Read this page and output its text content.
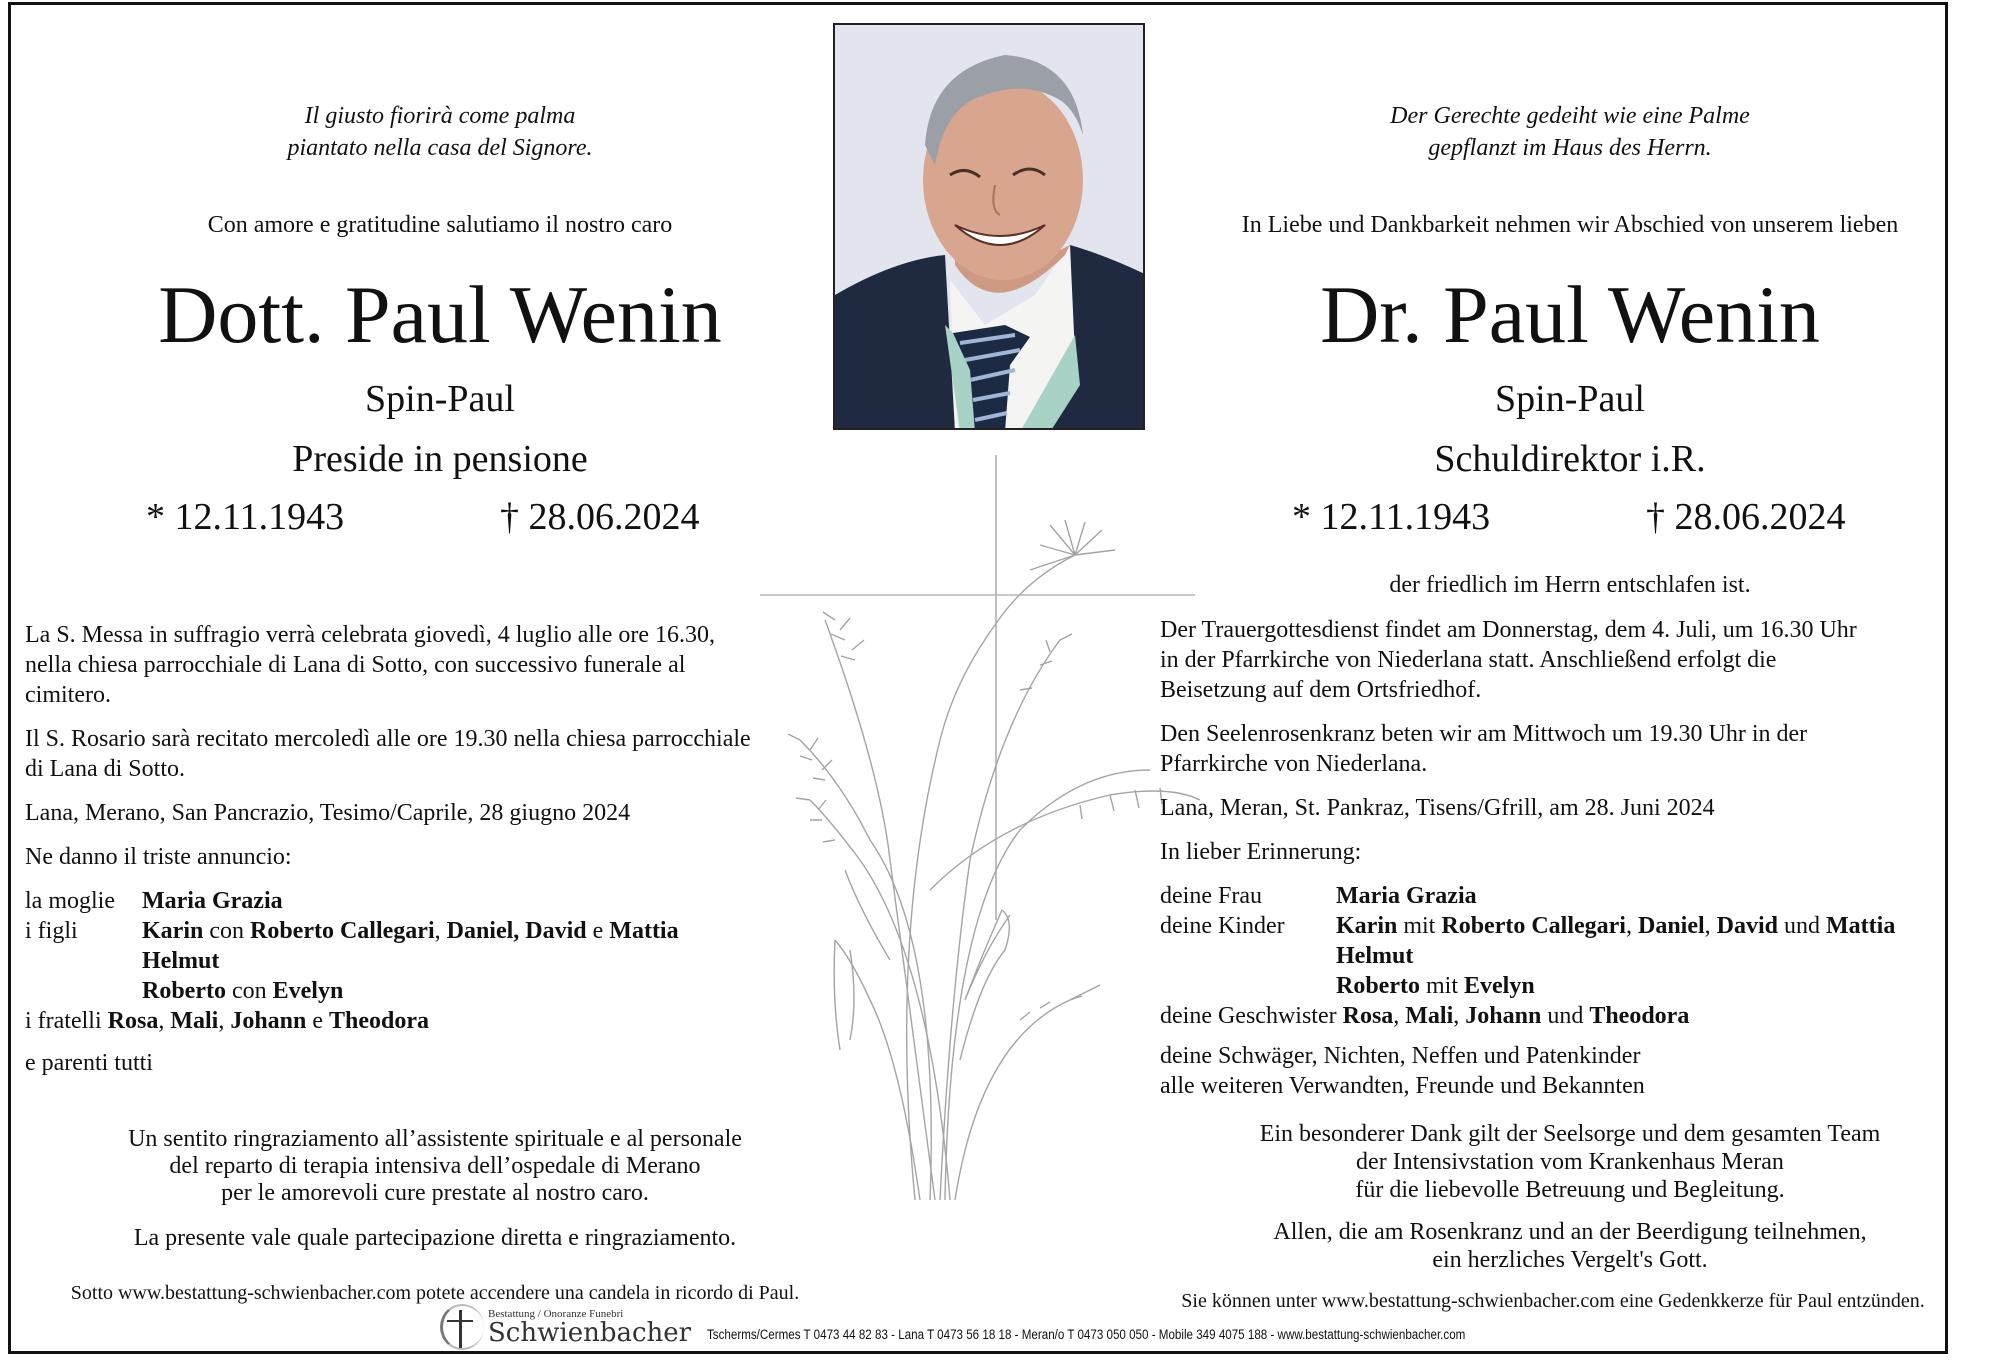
Il giusto fiorirà come palma
piantato nella casa del Signore.
Con amore e gratitudine salutiamo il nostro caro
Dott. Paul Wenin
Spin-Paul
Preside in pensione
* 12.11.1943	† 28.06.2024
La S. Messa in suffragio verrà celebrata giovedì, 4 luglio alle ore 16.30,
nella chiesa parrocchiale di Lana di Sotto, con successivo funerale al
cimitero.
Il S. Rosario sarà recitato mercoledì alle ore 19.30 nella chiesa parrocchiale
di Lana di Sotto.
Lana, Merano, San Pancrazio, Tesimo/Caprile, 28 giugno 2024
Ne danno il triste annuncio:
la moglie	Maria Grazia
i figli	Karin con Roberto Callegari, Daniel, David e Mattia
Helmut
Roberto con Evelyn
i fratelli Rosa, Mali, Johann e Theodora
e parenti tutti
Un sentito ringraziamento all’assistente spirituale e al personale
del reparto di terapia intensiva dell’ospedale di Merano
per le amorevoli cure prestate al nostro caro.
La presente vale quale partecipazione diretta e ringraziamento.
Sotto www.bestattung-schwienbacher.com potete accendere una candela in ricordo di Paul.
Der Gerechte gedeiht wie eine Palme
gepflanzt im Haus des Herrn.
In Liebe und Dankbarkeit nehmen wir Abschied von unserem lieben
Dr. Paul Wenin
Spin-Paul
Schuldirektor i.R.
* 12.11.1943	† 28.06.2024
der friedlich im Herrn entschlafen ist.
Der Trauergottesdienst findet am Donnerstag, dem 4. Juli, um 16.30 Uhr
in der Pfarrkirche von Niederlana statt. Anschließend erfolgt die
Beisetzung auf dem Ortsfriedhof.
Den Seelenrosenkranz beten wir am Mittwoch um 19.30 Uhr in der
Pfarrkirche von Niederlana.
Lana, Meran, St. Pankraz, Tisens/Gfrill, am 28. Juni 2024
In lieber Erinnerung:
deine Frau	Maria Grazia
deine Kinder	Karin mit Roberto Callegari, Daniel, David und Mattia
Helmut
Roberto mit Evelyn
deine Geschwister Rosa, Mali, Johann und Theodora
deine Schwäger, Nichten, Neffen und Patenkinder
alle weiteren Verwandten, Freunde und Bekannten
Ein besonderer Dank gilt der Seelsorge und dem gesamten Team
der Intensivstation vom Krankenhaus Meran
für die liebevolle Betreuung und Begleitung.
Allen, die am Rosenkranz und an der Beerdigung teilnehmen,
ein herzliches Vergelt's Gott.
Sie können unter www.bestattung-schwienbacher.com eine Gedenkkerze für Paul entzünden.
Bestattung / Onoranze Funebri
Schwienbacher Tscherms/Cermes T 0473 44 82 83 - Lana T 0473 56 18 18 - Meran/o T 0473 050 050 - Mobile 349 4075 188 - www.bestattung-schwienbacher.com
